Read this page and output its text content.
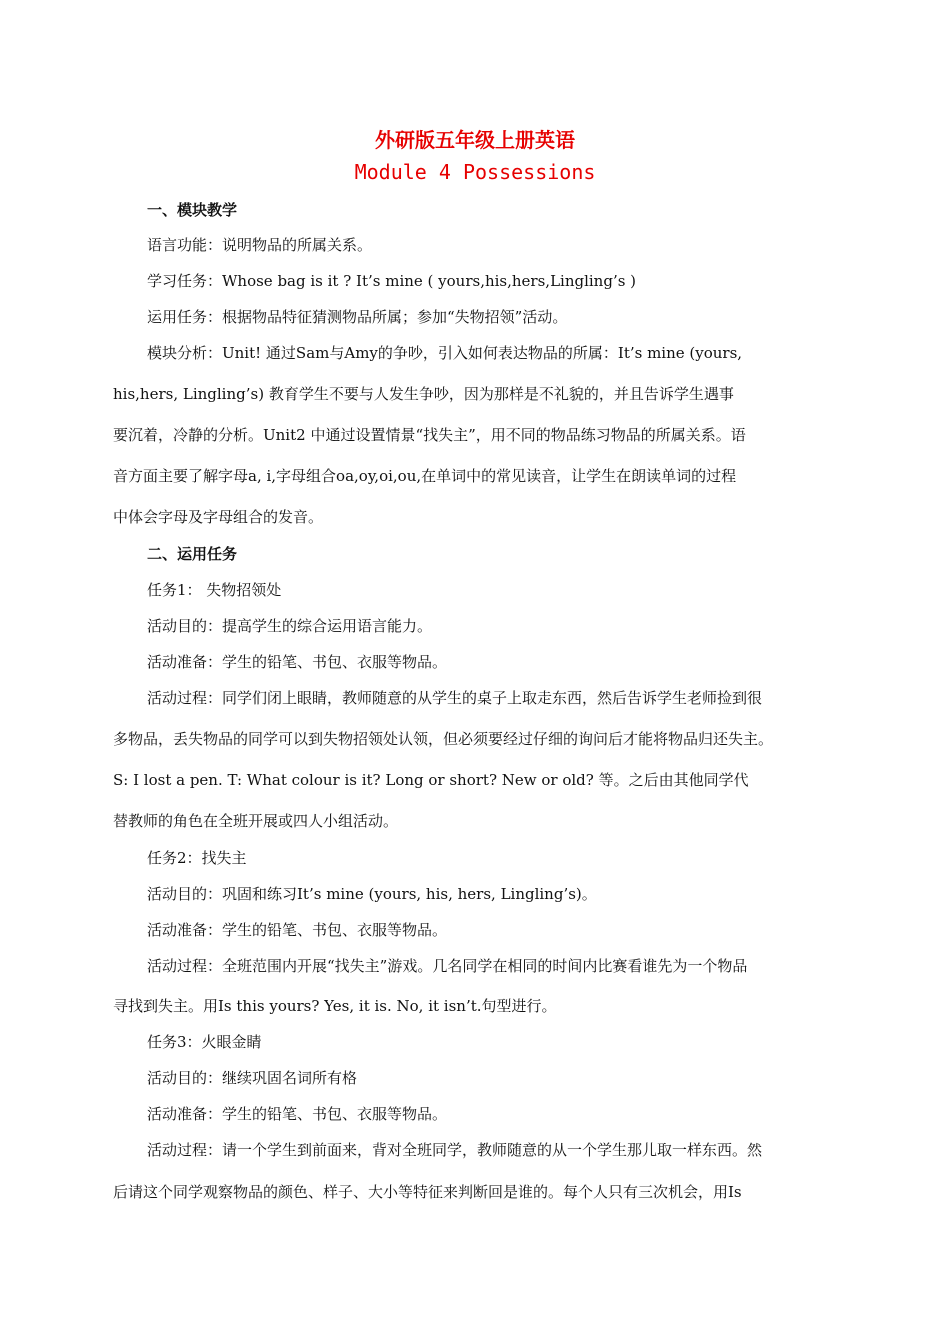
外研版五年级上册英语
Module 4 Possessions
一、模块教学
语言功能：说明物品的所属关系。
学习任务：Whose bag is it ? It’s mine ( yours,his,hers,Lingling’s )
运用任务：根据物品特征猜测物品所属；参加“失物招领”活动。
模块分析：Unit! 通过Sam与Amy的争吵，引入如何表达物品的所属：It’s mine (yours,
his,hers, Lingling’s) 教育学生不要与人发生争吵，因为那样是不礼貌的，并且告诉学生遇事
要沉着，冷静的分析。Unit2 中通过设置情景“找失主”，用不同的物品练习物品的所属关系。语
音方面主要了解字母a, i,字母组合oa,oy,oi,ou,在单词中的常见读音，让学生在朗读单词的过程
中体会字母及字母组合的发音。
二、运用任务
任务1： 失物招领处
活动目的：提高学生的综合运用语言能力。
活动准备：学生的铅笔、书包、衣服等物品。
活动过程：同学们闭上眼睛，教师随意的从学生的桌子上取走东西，然后告诉学生老师捡到很
多物品，丢失物品的同学可以到失物招领处认领，但必须要经过仔细的询问后才能将物品归还失主。
S: I lost a pen. T: What colour is it? Long or short? New or old? 等。之后由其他同学代
替教师的角色在全班开展或四人小组活动。
任务2：找失主
活动目的：巩固和练习It’s mine (yours, his, hers, Lingling’s)。
活动准备：学生的铅笔、书包、衣服等物品。
活动过程：全班范围内开展“找失主”游戏。几名同学在相同的时间内比赛看谁先为一个物品
寻找到失主。用Is this yours? Yes, it is. No, it isn’t.句型进行。
任务3：火眼金睛
活动目的：继续巩固名词所有格
活动准备：学生的铅笔、书包、衣服等物品。
活动过程：请一个学生到前面来，背对全班同学，教师随意的从一个学生那儿取一样东西。然
后请这个同学观察物品的颜色、样子、大小等特征来判断回是谁的。每个人只有三次机会，用Is
